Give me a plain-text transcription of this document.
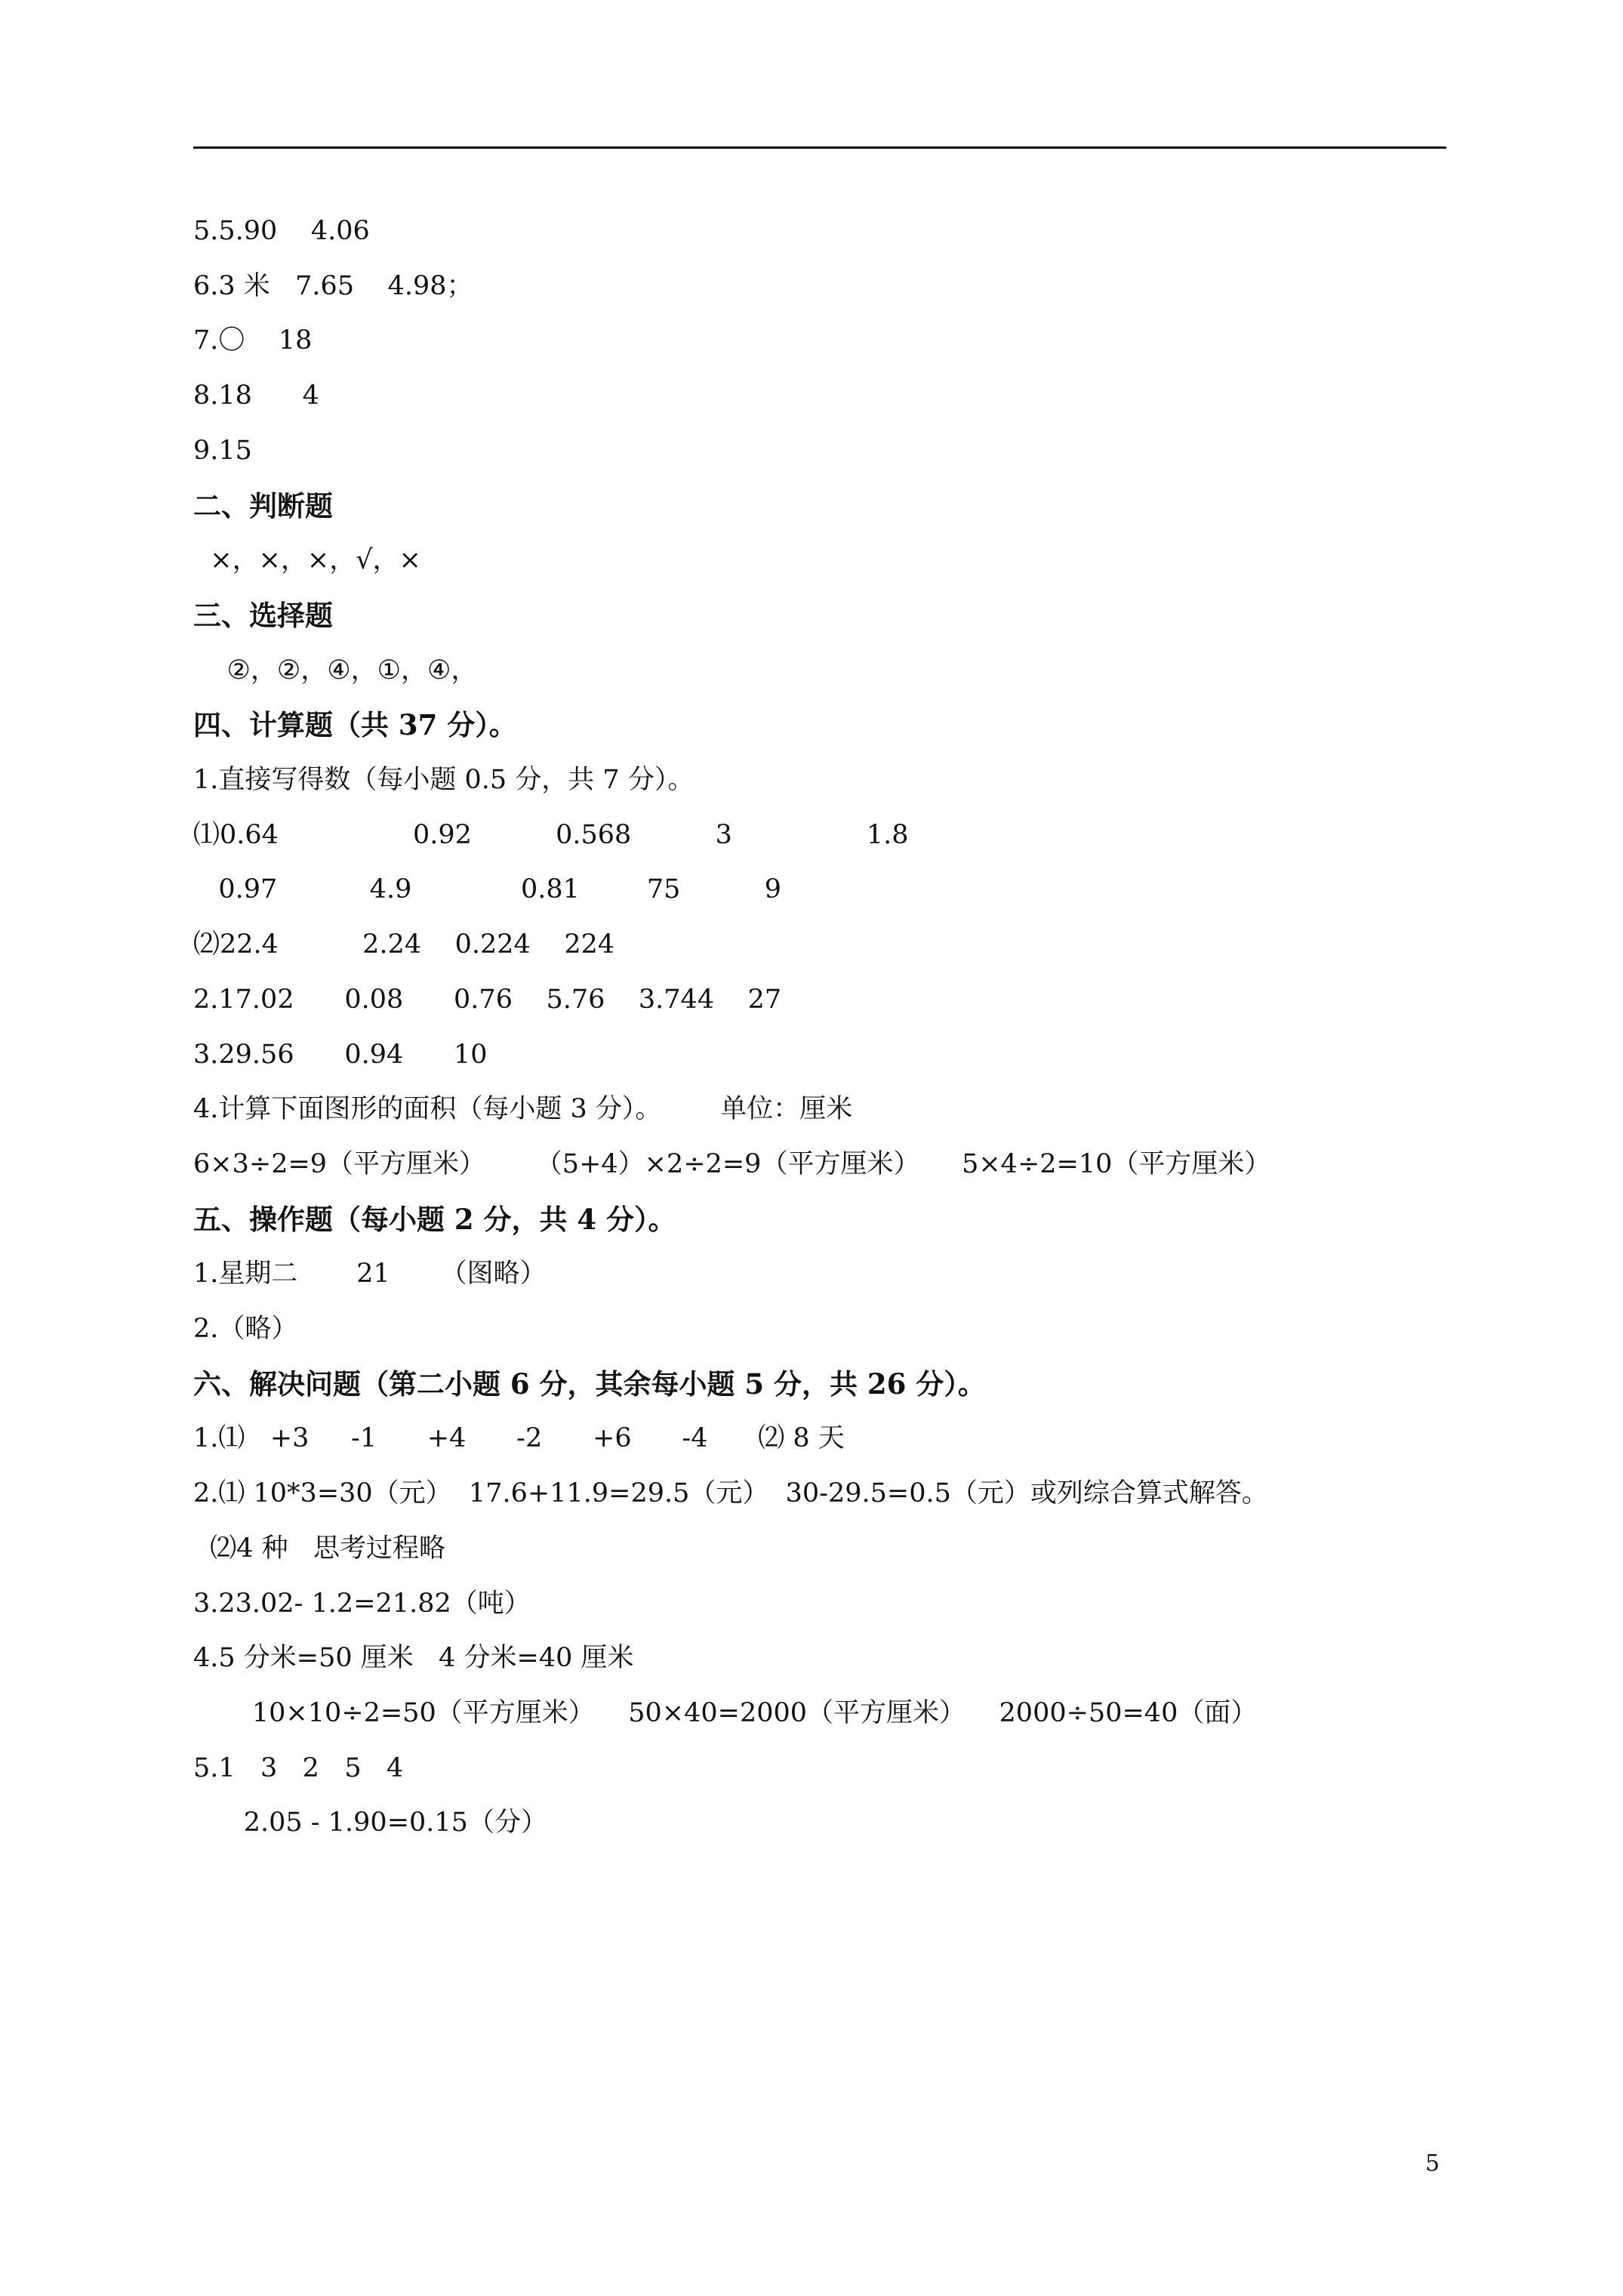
5.5.90    4.06
6.3 米   7.65    4.98；
7.〇    18
8.18      4
9.15
二、判断题
×，×，×，√，×
三、选择题
②，②，④，①，④，
四、计算题（共 37 分）。
1.直接写得数（每小题 0.5 分，共 7 分）。
⑴0.64                0.92          0.568          3                1.8
0.97           4.9             0.81        75          9
⑵22.4          2.24    0.224    224
2.17.02      0.08      0.76    5.76    3.744    27
3.29.56      0.94      10
4.计算下面图形的面积（每小题 3 分）。       单位：厘米
6×3÷2=9（平方厘米）      （5+4）×2÷2=9（平方厘米）     5×4÷2=10（平方厘米）
五、操作题（每小题 2 分，共 4 分）。
1.星期二       21      （图略）
2.（略）
六、解决问题（第二小题 6 分，其余每小题 5 分，共 26 分）。
1.⑴   +3     -1      +4      -2      +6      -4      ⑵ 8 天
2.⑴ 10*3=30（元）  17.6+11.9=29.5（元）  30-29.5=0.5（元）或列综合算式解答。
⑵4 种   思考过程略
3.23.02- 1.2=21.82（吨）
4.5 分米=50 厘米   4 分米=40 厘米
10×10÷2=50（平方厘米）    50×40=2000（平方厘米）    2000÷50=40（面）
5.1   3   2   5   4
2.05 - 1.90=0.15（分）
5
